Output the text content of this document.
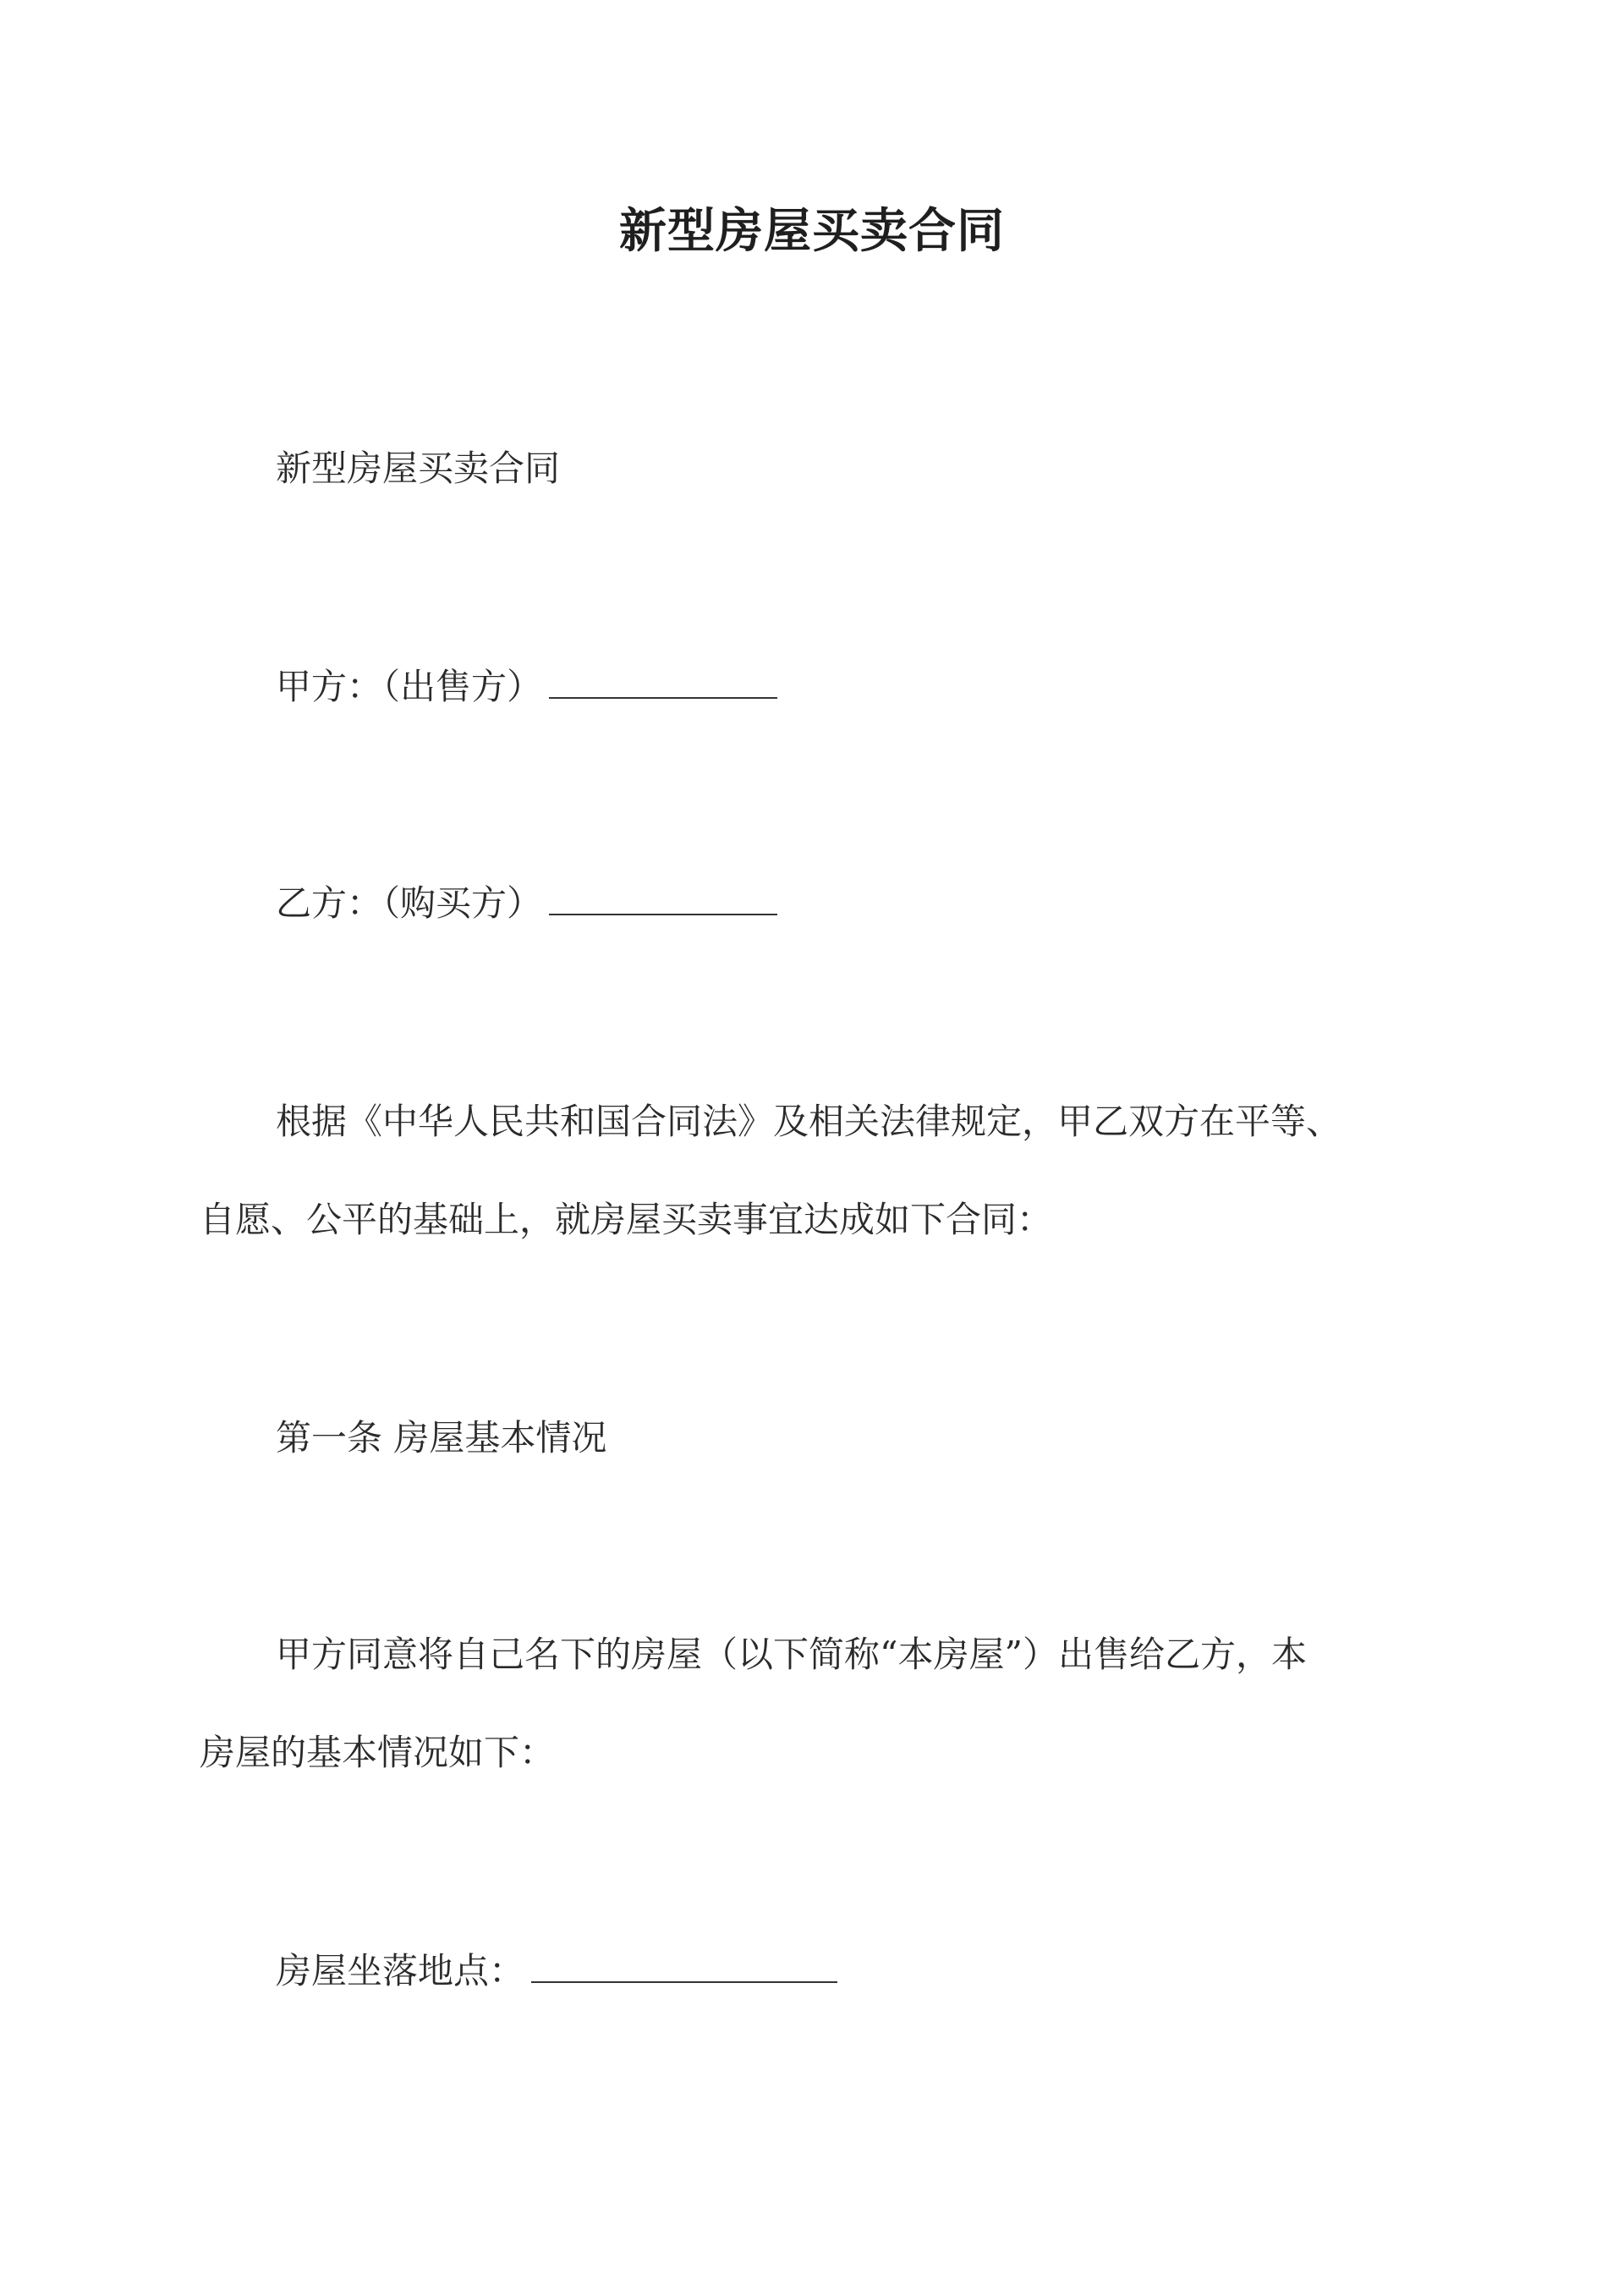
新型房屋买卖合同
新型房屋买卖合同
甲方：（出售方）
乙方：（购买方）
根据《中华人民共和国合同法》及相关法律规定，甲乙双方在平等、
自愿、公平的基础上，就房屋买卖事宜达成如下合同：
第一条 房屋基本情况
甲方同意将自己名下的房屋（以下简称“本房屋”）出售给乙方，本
房屋的基本情况如下：
房屋坐落地点：
